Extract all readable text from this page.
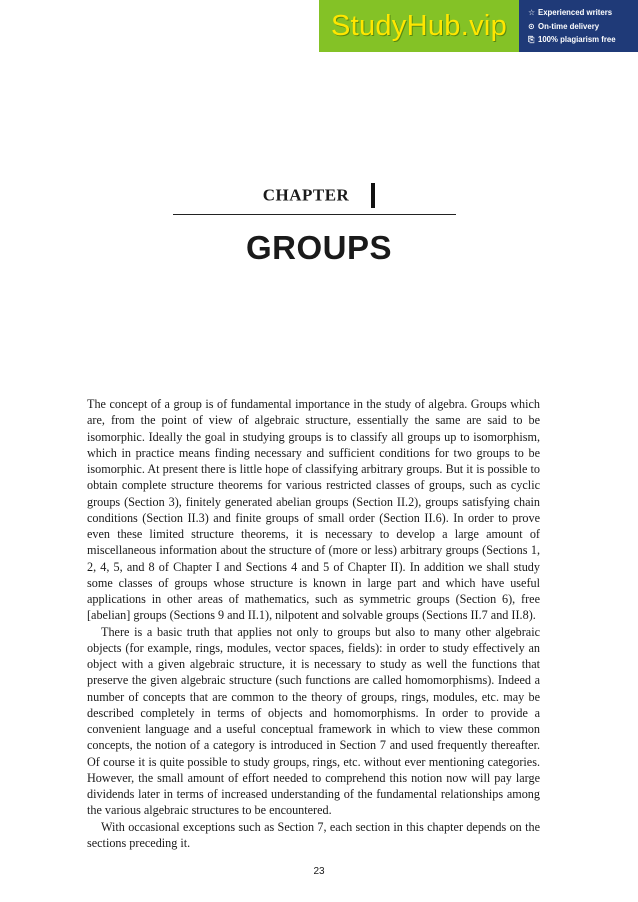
StudyHub.vip	☆ Experienced writers
⊙ On-time delivery
⎘ 100% plagiarism free
CHAPTER
GROUPS

The concept of a group is of fundamental importance in the study of algebra. Groups which are, from the point of view of algebraic structure, essentially the same are said to be isomorphic. Ideally the goal in studying groups is to classify all groups up to isomorphism, which in practice means finding necessary and sufficient conditions for two groups to be isomorphic. At present there is little hope of classifying arbitrary groups. But it is possible to obtain complete structure theorems for various restricted classes of groups, such as cyclic groups (Section 3), finitely generated abelian groups (Section II.2), groups satisfying chain conditions (Section II.3) and finite groups of small order (Section II.6). In order to prove even these limited structure theorems, it is necessary to develop a large amount of miscellaneous information about the structure of (more or less) arbitrary groups (Sections 1, 2, 4, 5, and 8 of Chapter I and Sections 4 and 5 of Chapter II). In addition we shall study some classes of groups whose structure is known in large part and which have useful applications in other areas of mathematics, such as symmetric groups (Section 6), free [abelian] groups (Sections 9 and II.1), nilpotent and solvable groups (Sections II.7 and II.8).

There is a basic truth that applies not only to groups but also to many other algebraic objects (for example, rings, modules, vector spaces, fields): in order to study effectively an object with a given algebraic structure, it is necessary to study as well the functions that preserve the given algebraic structure (such functions are called homomorphisms). Indeed a number of concepts that are common to the theory of groups, rings, modules, etc. may be described completely in terms of objects and homomorphisms. In order to provide a convenient language and a useful conceptual framework in which to view these common concepts, the notion of a category is introduced in Section 7 and used frequently thereafter. Of course it is quite possible to study groups, rings, etc. without ever mentioning categories. However, the small amount of effort needed to comprehend this notion now will pay large dividends later in terms of increased understanding of the fundamental relationships among the various algebraic structures to be encountered.

With occasional exceptions such as Section 7, each section in this chapter depends on the sections preceding it.

23
